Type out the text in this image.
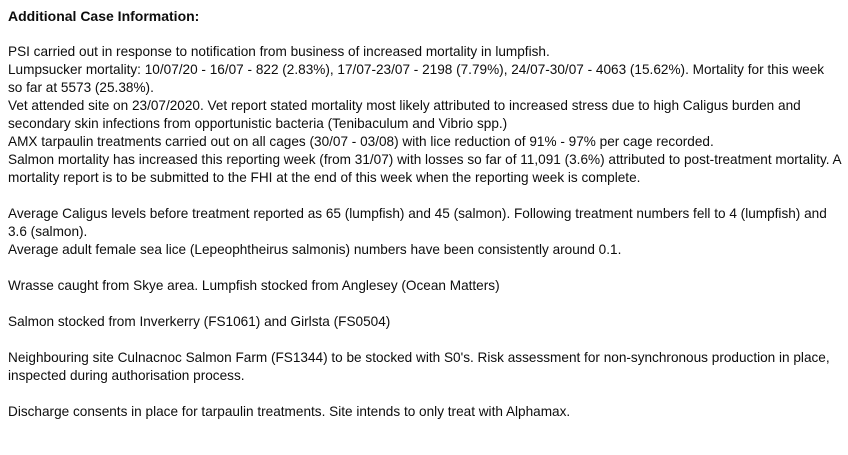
Additional Case Information:

PSI carried out in response to notification from business of increased mortality in lumpfish.
Lumpsucker mortality: 10/07/20 - 16/07 - 822 (2.83%), 17/07-23/07 - 2198 (7.79%), 24/07-30/07 - 4063 (15.62%). Mortality for this week so far at 5573 (25.38%).
Vet attended site on 23/07/2020. Vet report stated mortality most likely attributed to increased stress due to high Caligus burden and secondary skin infections from opportunistic bacteria (Tenibaculum and Vibrio spp.)
AMX tarpaulin treatments carried out on all cages (30/07 - 03/08) with lice reduction of 91% - 97% per cage recorded.
Salmon mortality has increased this reporting week (from 31/07) with losses so far of 11,091 (3.6%) attributed to post-treatment mortality. A mortality report is to be submitted to the FHI at the end of this week when the reporting week is complete.

Average Caligus levels before treatment reported as 65 (lumpfish) and 45 (salmon). Following treatment numbers fell to 4 (lumpfish) and 3.6 (salmon).
Average adult female sea lice (Lepeophtheirus salmonis) numbers have been consistently around 0.1.

Wrasse caught from Skye area. Lumpfish stocked from Anglesey (Ocean Matters)

Salmon stocked from Inverkerry (FS1061) and Girlsta (FS0504)

Neighbouring site Culnacnoc Salmon Farm (FS1344) to be stocked with S0's. Risk assessment for non-synchronous production in place, inspected during authorisation process.

Discharge consents in place for tarpaulin treatments. Site intends to only treat with Alphamax.
